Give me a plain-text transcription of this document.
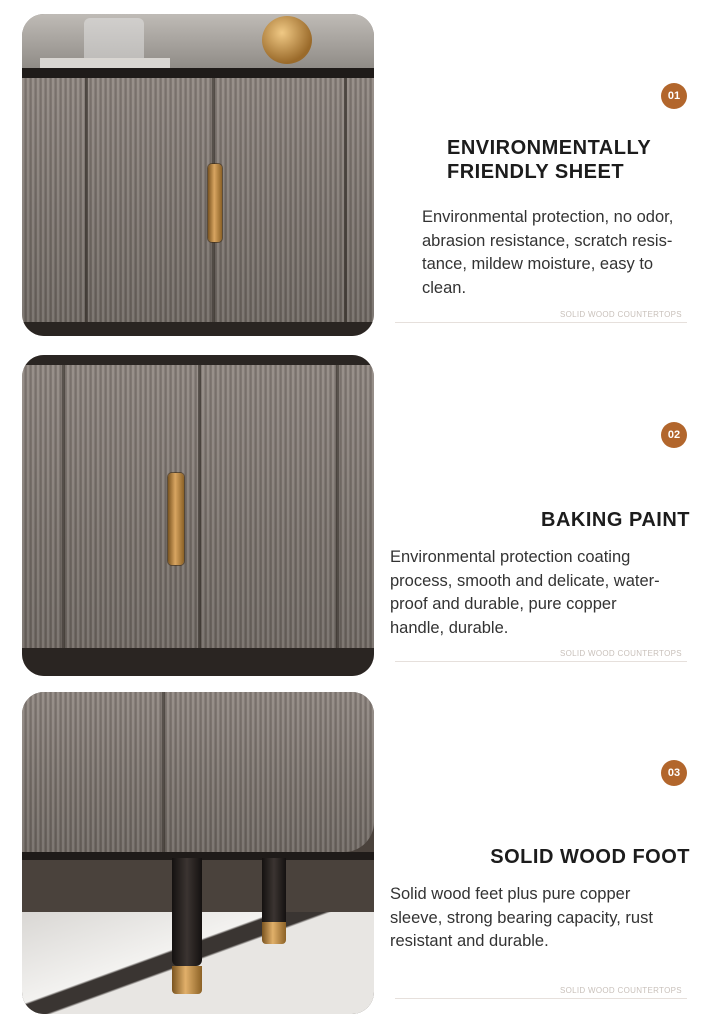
01
ENVIRONMENTALLY
FRIENDLY SHEET
Environmental protection, no odor,
abrasion resistance, scratch resis-
tance, mildew moisture, easy to
clean.
SOLID WOOD COUNTERTOPS
02
BAKING PAINT
Environmental protection coating
process, smooth and delicate, water-
proof and durable, pure copper
handle, durable.
SOLID WOOD COUNTERTOPS
03
SOLID WOOD FOOT
Solid wood feet plus pure copper
sleeve, strong bearing capacity, rust
resistant and durable.
SOLID WOOD COUNTERTOPS
